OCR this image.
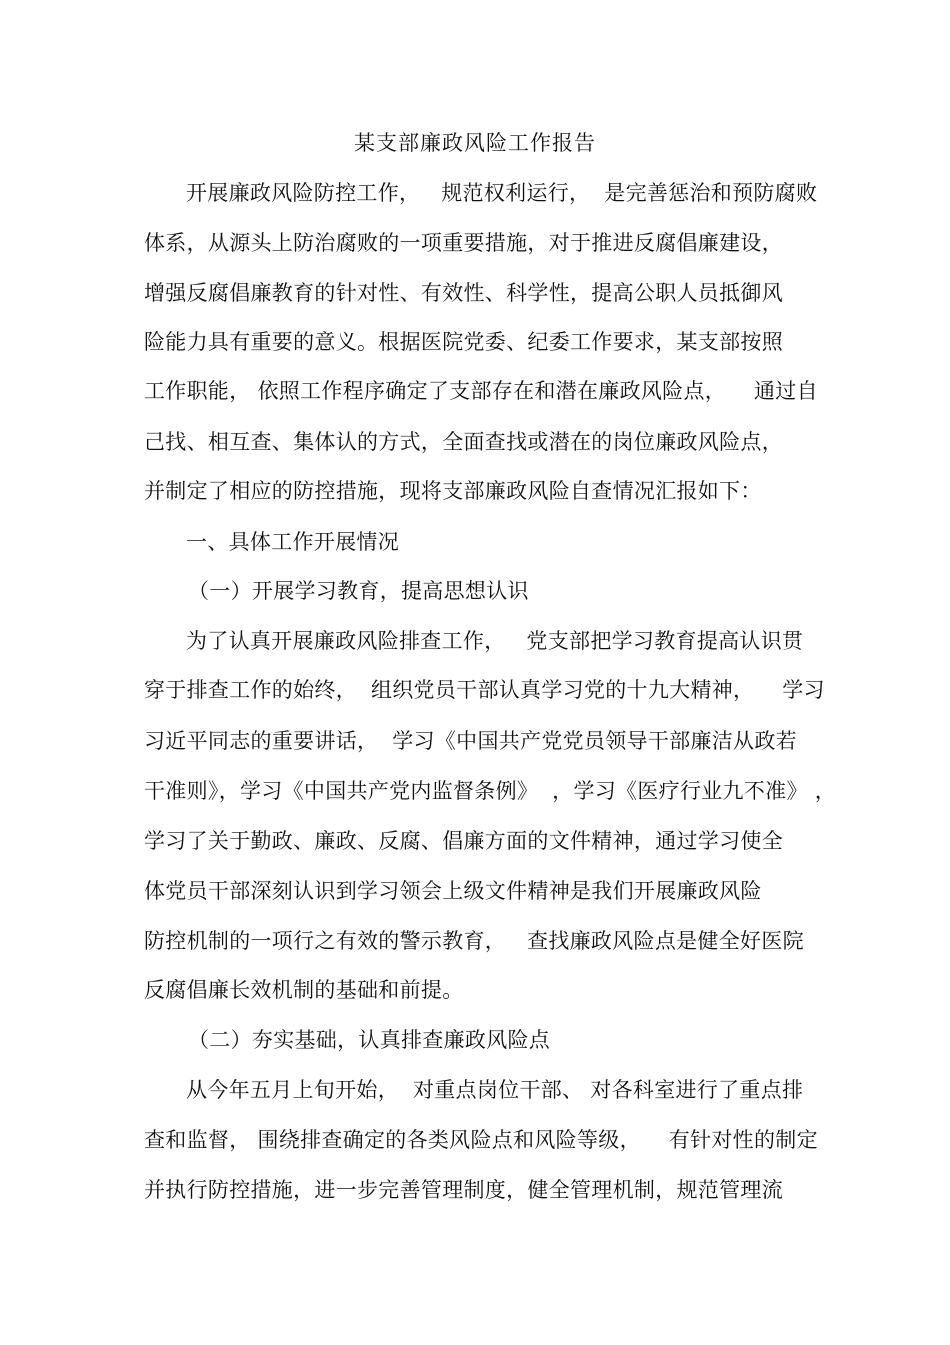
某支部廉政风险工作报告
开展廉政风险防控工作，   规范权利运行，  是完善惩治和预防腐败
体系，从源头上防治腐败的一项重要措施，对于推进反腐倡廉建设，
增强反腐倡廉教育的针对性、有效性、科学性，提高公职人员抵御风
险能力具有重要的意义。根据医院党委、纪委工作要求，某支部按照
工作职能， 依照工作程序确定了支部存在和潜在廉政风险点，    通过自
己找、相互查、集体认的方式，全面查找或潜在的岗位廉政风险点，
并制定了相应的防控措施，现将支部廉政风险自查情况汇报如下：
一、具体工作开展情况
（一）开展学习教育，提高思想认识
为了认真开展廉政风险排查工作，   党支部把学习教育提高认识贯
穿于排查工作的始终，  组织党员干部认真学习党的十九大精神，    学习
习近平同志的重要讲话，  学习《中国共产党党员领导干部廉洁从政若
干准则》，学习《中国共产党内监督条例》  ，学习《医疗行业九不准》 ，
学习了关于勤政、廉政、反腐、倡廉方面的文件精神，通过学习使全
体党员干部深刻认识到学习领会上级文件精神是我们开展廉政风险
防控机制的一项行之有效的警示教育，   查找廉政风险点是健全好医院
反腐倡廉长效机制的基础和前提。
（二）夯实基础，认真排查廉政风险点
从今年五月上旬开始，  对重点岗位干部、 对各科室进行了重点排
查和监督， 围绕排查确定的各类风险点和风险等级，    有针对性的制定
并执行防控措施，进一步完善管理制度，健全管理机制，规范管理流
